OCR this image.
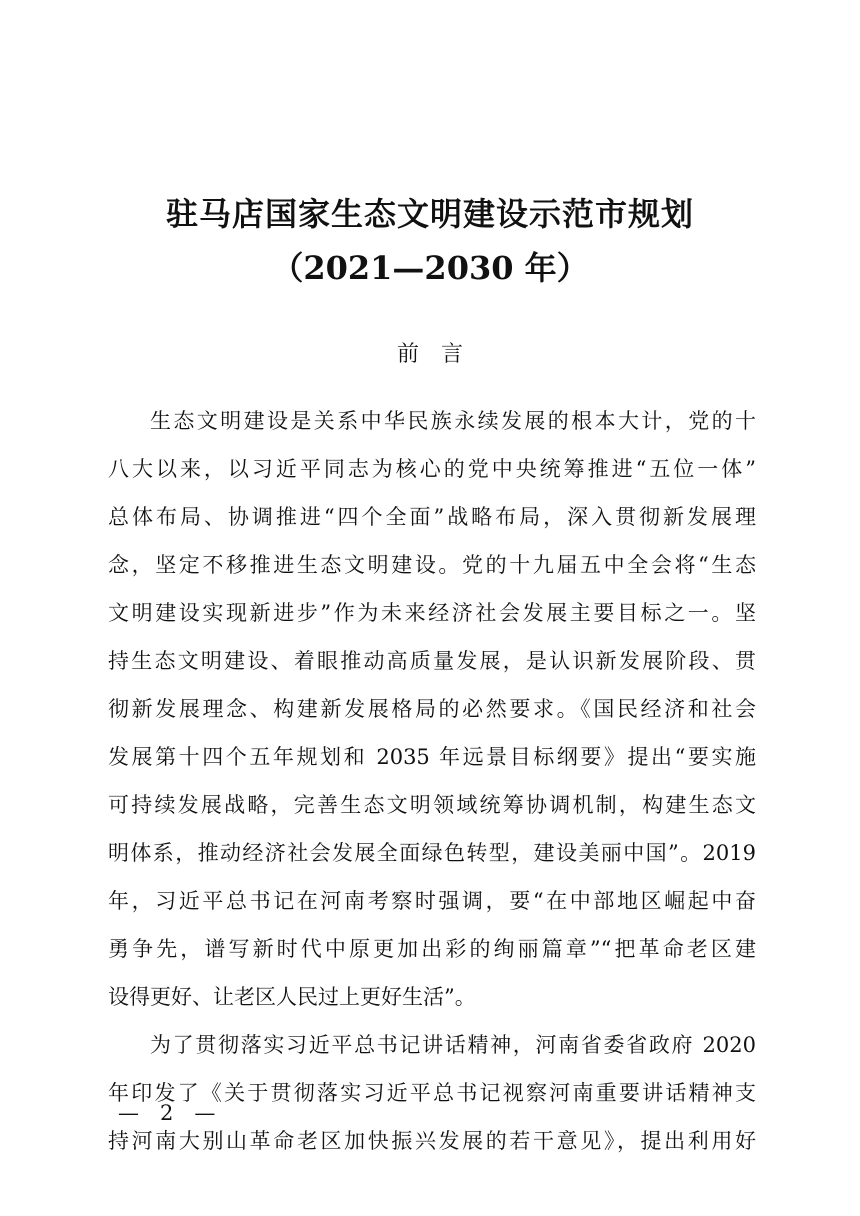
驻马店国家生态文明建设示范市规划
（2021—2030 年）
前　言
生态文明建设是关系中华民族永续发展的根本大计，党的十
八大以来，以习近平同志为核心的党中央统筹推进“五位一体”
总体布局、协调推进“四个全面”战略布局，深入贯彻新发展理
念，坚定不移推进生态文明建设。党的十九届五中全会将“生态
文明建设实现新进步”作为未来经济社会发展主要目标之一。坚
持生态文明建设、着眼推动高质量发展，是认识新发展阶段、贯
彻新发展理念、构建新发展格局的必然要求。《国民经济和社会
发展第十四个五年规划和 2035 年远景目标纲要》提出“要实施
可持续发展战略，完善生态文明领域统筹协调机制，构建生态文
明体系，推动经济社会发展全面绿色转型，建设美丽中国”。2019
年，习近平总书记在河南考察时强调，要“在中部地区崛起中奋
勇争先，谱写新时代中原更加出彩的绚丽篇章”“把革命老区建
设得更好、让老区人民过上更好生活”。
为了贯彻落实习近平总书记讲话精神，河南省委省政府 2020
年印发了《关于贯彻落实习近平总书记视察河南重要讲话精神支
持河南大别山革命老区加快振兴发展的若干意见》，提出利用好
—　2　—
